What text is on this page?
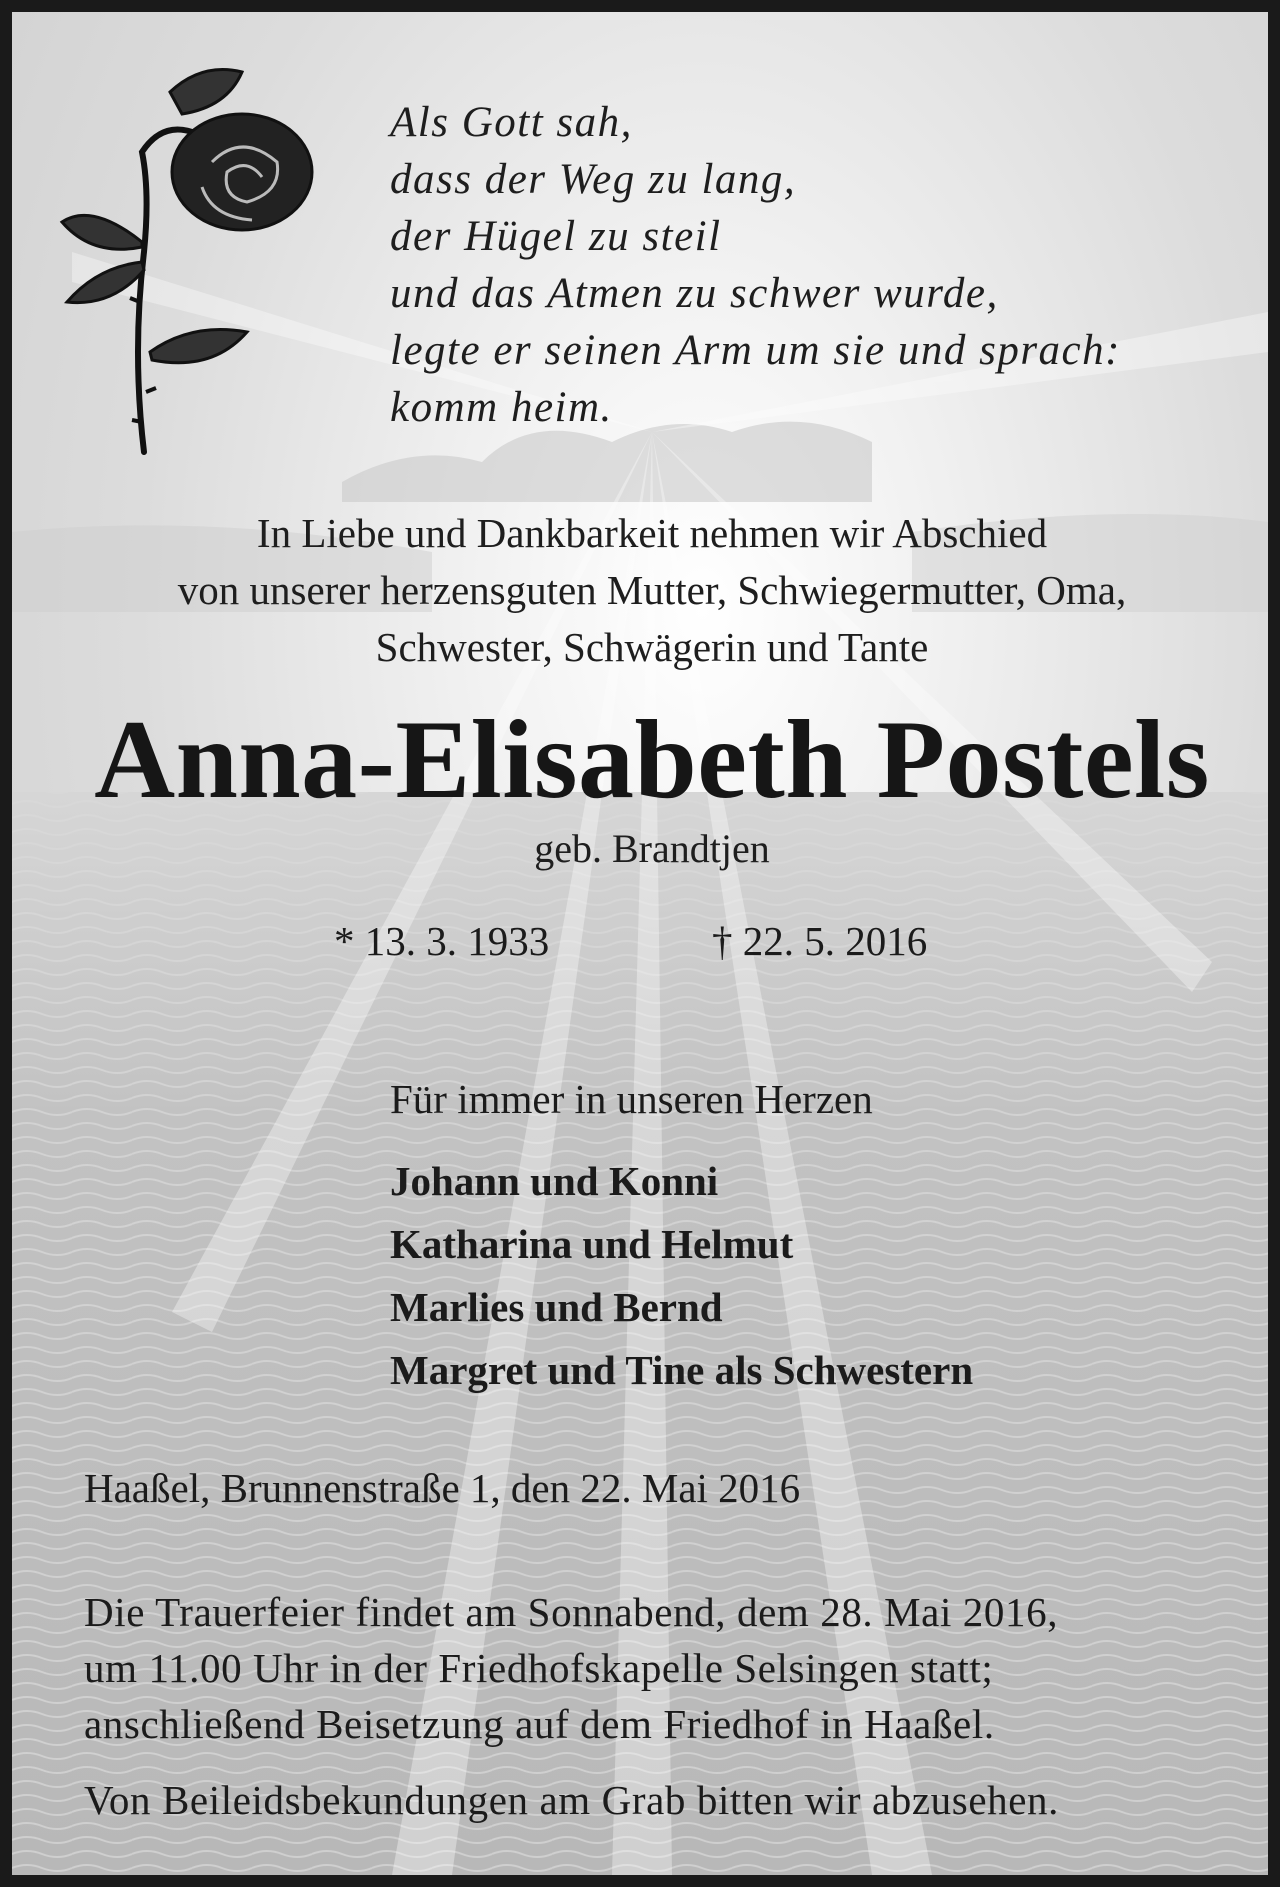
Als Gott sah,
dass der Weg zu lang,
der Hügel zu steil
und das Atmen zu schwer wurde,
legte er seinen Arm um sie und sprach:
komm heim.
In Liebe und Dankbarkeit nehmen wir Abschied
von unserer herzensguten Mutter, Schwiegermutter, Oma,
Schwester, Schwägerin und Tante
Anna-Elisabeth Postels
geb. Brandtjen
* 13. 3. 1933	† 22. 5. 2016
Für immer in unseren Herzen
Johann und Konni
Katharina und Helmut
Marlies und Bernd
Margret und Tine als Schwestern
Haaßel, Brunnenstraße 1, den 22. Mai 2016
Die Trauerfeier findet am Sonnabend, dem 28. Mai 2016,
um 11.00 Uhr in der Friedhofskapelle Selsingen statt;
anschließend Beisetzung auf dem Friedhof in Haaßel.
Von Beileidsbekundungen am Grab bitten wir abzusehen.
